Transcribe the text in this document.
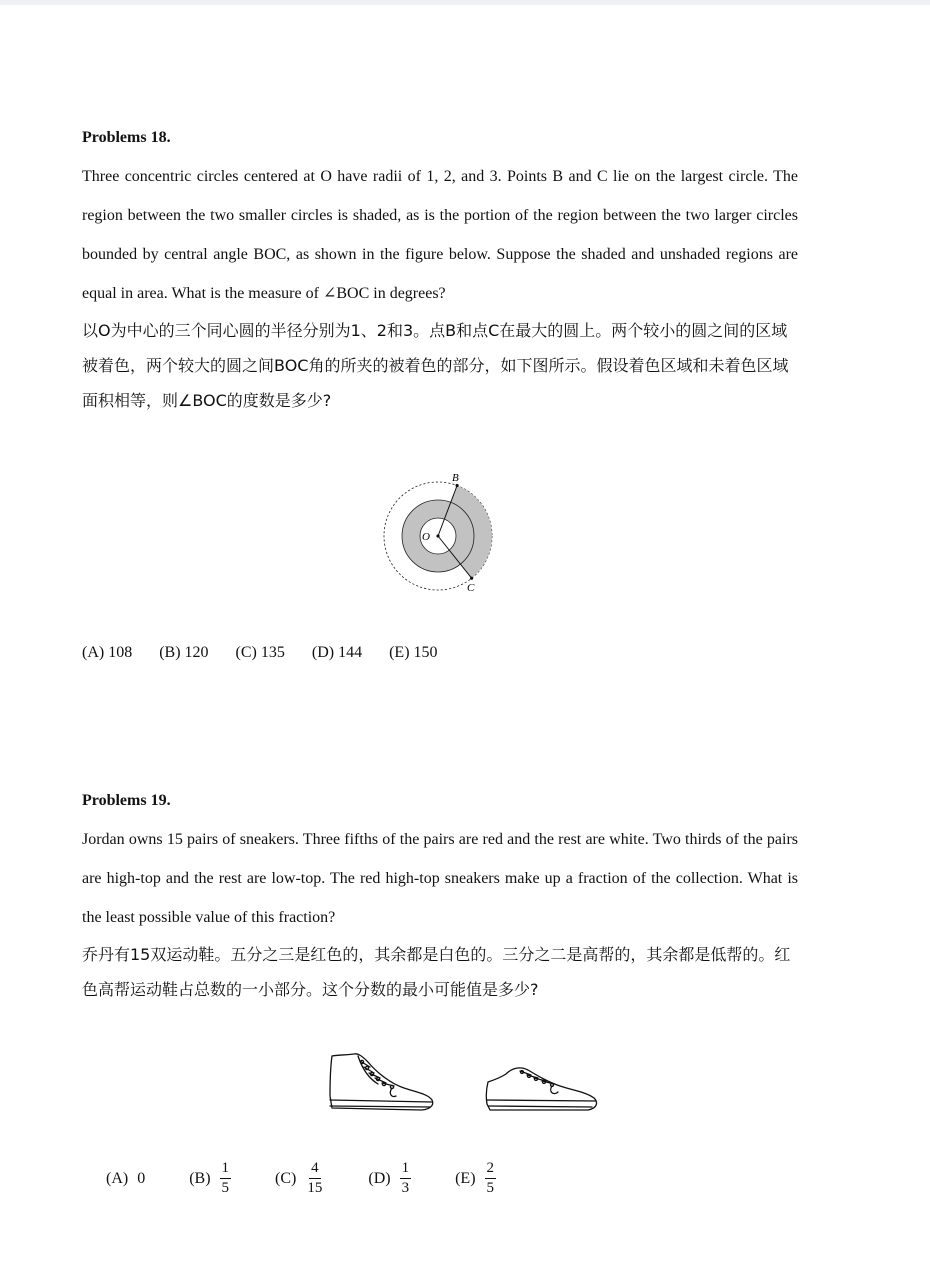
Problems 18.

Three concentric circles centered at O have radii of 1, 2, and 3. Points B and C lie on the largest circle. The region between the two smaller circles is shaded, as is the portion of the region between the two larger circles bounded by central angle BOC, as shown in the figure below. Suppose the shaded and unshaded regions are equal in area. What is the measure of ∠BOC in degrees?

以O为中心的三个同心圆的半径分别为1、2和3。点B和点C在最大的圆上。两个较小的圆之间的区域被着色，两个较大的圆之间BOC角的所夹的被着色的部分，如下图所示。假设着色区域和未着色区域面积相等，则∠BOC的度数是多少?

B
O
C
(A) 108 (B) 120 (C) 135 (D) 144 (E) 150

Problems 19.

Jordan owns 15 pairs of sneakers. Three fifths of the pairs are red and the rest are white. Two thirds of the pairs are high-top and the rest are low-top. The red high-top sneakers make up a fraction of the collection. What is the least possible value of this fraction?

乔丹有15双运动鞋。五分之三是红色的，其余都是白色的。三分之二是高帮的，其余都是低帮的。红色高帮运动鞋占总数的一小部分。这个分数的最小可能值是多少?

(A) 0	$(B) \frac{1}{5}$	$(C) \frac{4}{15}$	$(D) \frac{1}{3}$	$(E) \frac{2}{5}$
